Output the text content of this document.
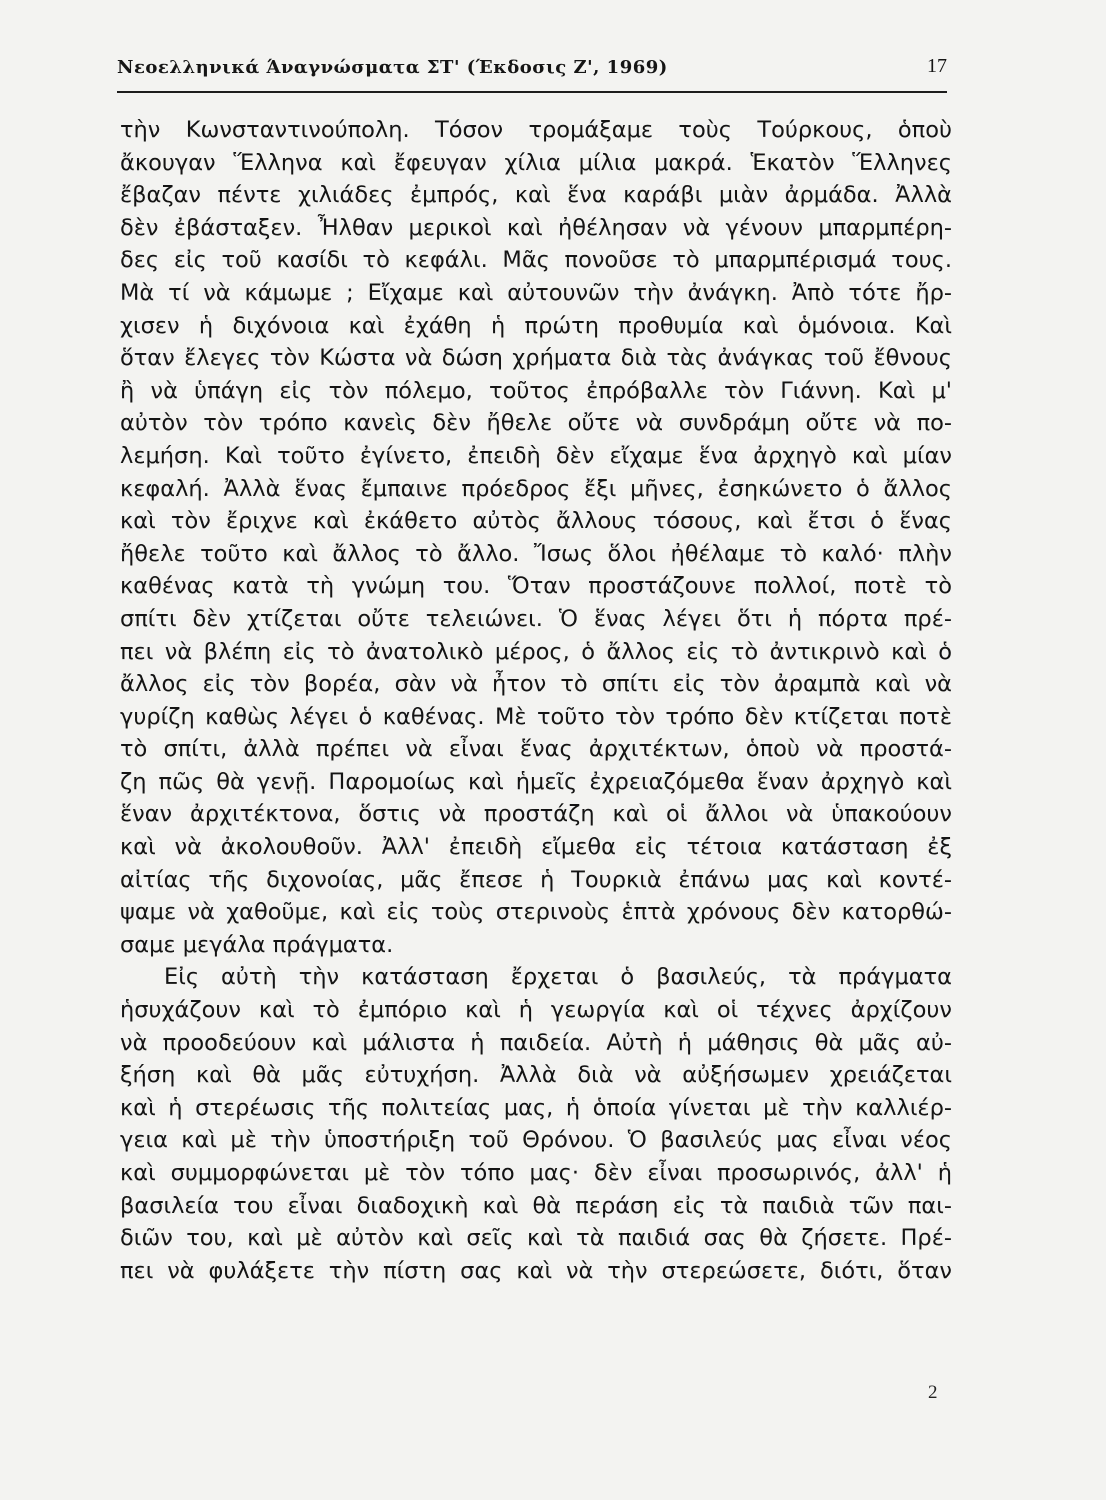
Νεοελληνικά Άναγνώσματα ΣΤ' (Έκδοσις Ζ', 1969)	17
τὴν Κωνσταντινούπολη. Τόσον τρομάξαμε τοὺς Τούρκους, ὁποὺ
ἄκουγαν Ἕλληνα καὶ ἔφευγαν χίλια μίλια μακρά. Ἑκατὸν Ἕλληνες
ἔβαζαν πέντε χιλιάδες ἐμπρός, καὶ ἕνα καράβι μιὰν ἀρμάδα. Ἀλλὰ
δὲν ἐβάσταξεν. Ἦλθαν μερικοὶ καὶ ἠθέλησαν νὰ γένουν μπαρμπέρη-
δες εἰς τοῦ κασίδι τὸ κεφάλι. Μᾶς πονοῦσε τὸ μπαρμπέρισμά τους.
Μὰ τί νὰ κάμωμε ; Εἴχαμε καὶ αὐτουνῶν τὴν ἀνάγκη. Ἀπὸ τότε ἤρ-
χισεν ἡ διχόνοια καὶ ἐχάθη ἡ πρώτη προθυμία καὶ ὁμόνοια. Καὶ
ὅταν ἔλεγες τὸν Κώστα νὰ δώση χρήματα διὰ τὰς ἀνάγκας τοῦ ἔθνους
ἢ νὰ ὑπάγη εἰς τὸν πόλεμο, τοῦτος ἐπρόβαλλε τὸν Γιάννη. Καὶ μ'
αὐτὸν τὸν τρόπο κανεὶς δὲν ἤθελε οὔτε νὰ συνδράμη οὔτε νὰ πο-
λεμήση. Καὶ τοῦτο ἐγίνετο, ἐπειδὴ δὲν εἴχαμε ἕνα ἀρχηγὸ καὶ μίαν
κεφαλή. Ἀλλὰ ἕνας ἔμπαινε πρόεδρος ἔξι μῆνες, ἐσηκώνετο ὁ ἄλλος
καὶ τὸν ἔριχνε καὶ ἐκάθετο αὐτὸς ἄλλους τόσους, καὶ ἔτσι ὁ ἕνας
ἤθελε τοῦτο καὶ ἄλλος τὸ ἄλλο. Ἴσως ὅλοι ἠθέλαμε τὸ καλό· πλὴν
καθένας κατὰ τὴ γνώμη του. Ὅταν προστάζουνε πολλοί, ποτὲ τὸ
σπίτι δὲν χτίζεται οὔτε τελειώνει. Ὁ ἕνας λέγει ὅτι ἡ πόρτα πρέ-
πει νὰ βλέπη εἰς τὸ ἀνατολικὸ μέρος, ὁ ἄλλος εἰς τὸ ἀντικρινὸ καὶ ὁ
ἄλλος εἰς τὸν βορέα, σὰν νὰ ἦτον τὸ σπίτι εἰς τὸν ἀραμπὰ καὶ νὰ
γυρίζη καθὼς λέγει ὁ καθένας. Μὲ τοῦτο τὸν τρόπο δὲν κτίζεται ποτὲ
τὸ σπίτι, ἀλλὰ πρέπει νὰ εἶναι ἕνας ἀρχιτέκτων, ὁποὺ νὰ προστά-
ζη πῶς θὰ γενῇ. Παρομοίως καὶ ἡμεῖς ἐχρειαζόμεθα ἕναν ἀρχηγὸ καὶ
ἕναν ἀρχιτέκτονα, ὅστις νὰ προστάζη καὶ οἱ ἄλλοι νὰ ὑπακούουν
καὶ νὰ ἀκολουθοῦν. Ἀλλ' ἐπειδὴ εἴμεθα εἰς τέτοια κατάσταση ἐξ
αἰτίας τῆς διχονοίας, μᾶς ἔπεσε ἡ Τουρκιὰ ἐπάνω μας καὶ κοντέ-
ψαμε νὰ χαθοῦμε, καὶ εἰς τοὺς στερινοὺς ἑπτὰ χρόνους δὲν κατορθώ-
σαμε μεγάλα πράγματα.
Εἰς αὐτὴ τὴν κατάσταση ἔρχεται ὁ βασιλεύς, τὰ πράγματα
ἡσυχάζουν καὶ τὸ ἐμπόριο καὶ ἡ γεωργία καὶ οἱ τέχνες ἀρχίζουν
νὰ προοδεύουν καὶ μάλιστα ἡ παιδεία. Αὐτὴ ἡ μάθησις θὰ μᾶς αὐ-
ξήση καὶ θὰ μᾶς εὐτυχήση. Ἀλλὰ διὰ νὰ αὐξήσωμεν χρειάζεται
καὶ ἡ στερέωσις τῆς πολιτείας μας, ἡ ὁποία γίνεται μὲ τὴν καλλιέρ-
γεια καὶ μὲ τὴν ὑποστήριξη τοῦ Θρόνου. Ὁ βασιλεύς μας εἶναι νέος
καὶ συμμορφώνεται μὲ τὸν τόπο μας· δὲν εἶναι προσωρινός, ἀλλ' ἡ
βασιλεία του εἶναι διαδοχικὴ καὶ θὰ περάση εἰς τὰ παιδιὰ τῶν παι-
διῶν του, καὶ μὲ αὐτὸν καὶ σεῖς καὶ τὰ παιδιά σας θὰ ζήσετε. Πρέ-
πει νὰ φυλάξετε τὴν πίστη σας καὶ νὰ τὴν στερεώσετε, διότι, ὅταν
2
